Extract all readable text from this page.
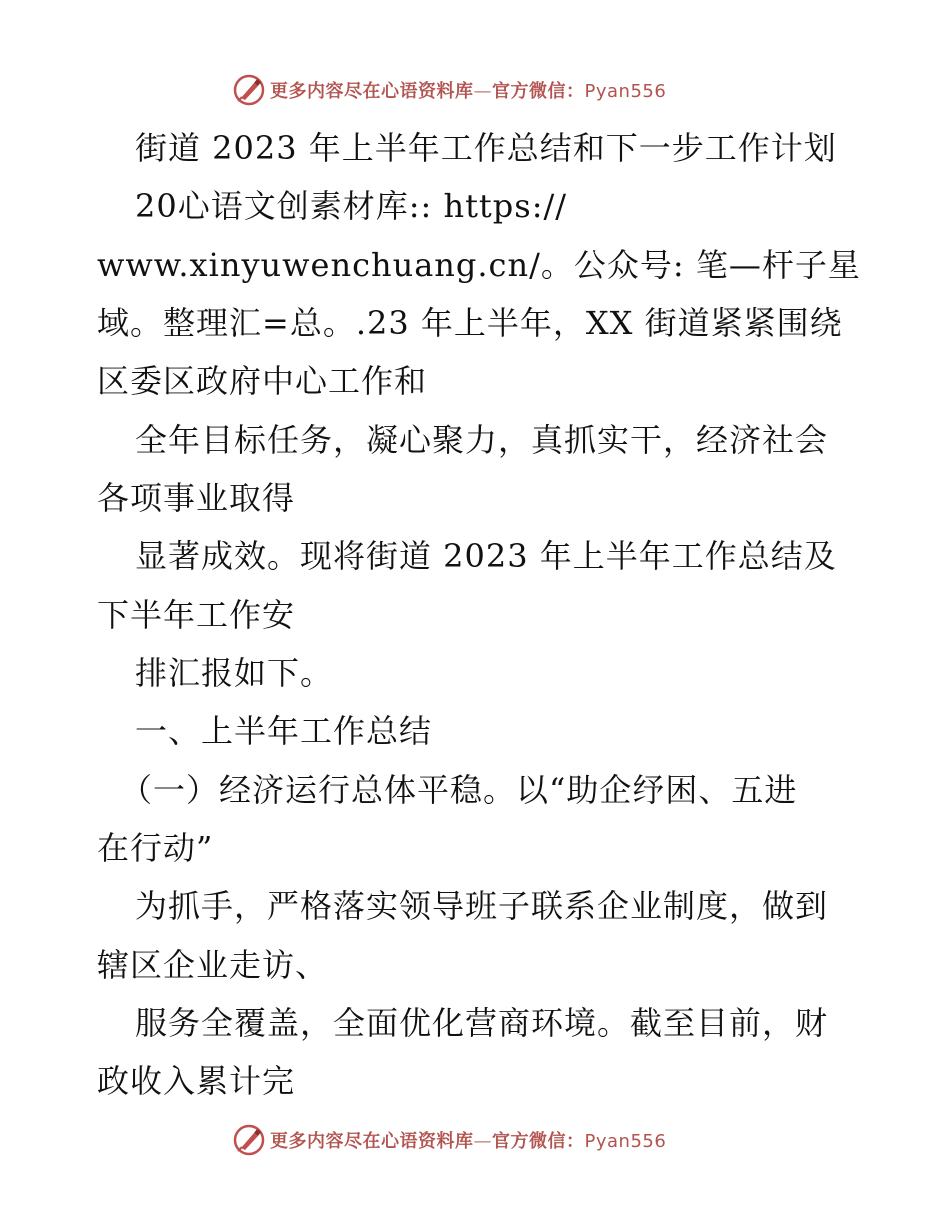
更多内容尽在心语资料库—官方微信：Pyan556
街道 2023 年上半年工作总结和下一步工作计划
20心语文创素材库:: https://
www.xinyuwenchuang.cn/。公众号: 笔—杆子星
域。整理汇=总。.23 年上半年，XX 街道紧紧围绕
区委区政府中心工作和
全年目标任务，凝心聚力，真抓实干，经济社会
各项事业取得
显著成效。现将街道 2023 年上半年工作总结及
下半年工作安
排汇报如下。
一、上半年工作总结
（一）经济运行总体平稳。以“助企纾困、五进
在行动”
为抓手，严格落实领导班子联系企业制度，做到
辖区企业走访、
服务全覆盖，全面优化营商环境。截至目前，财
政收入累计完
更多内容尽在心语资料库—官方微信：Pyan556
